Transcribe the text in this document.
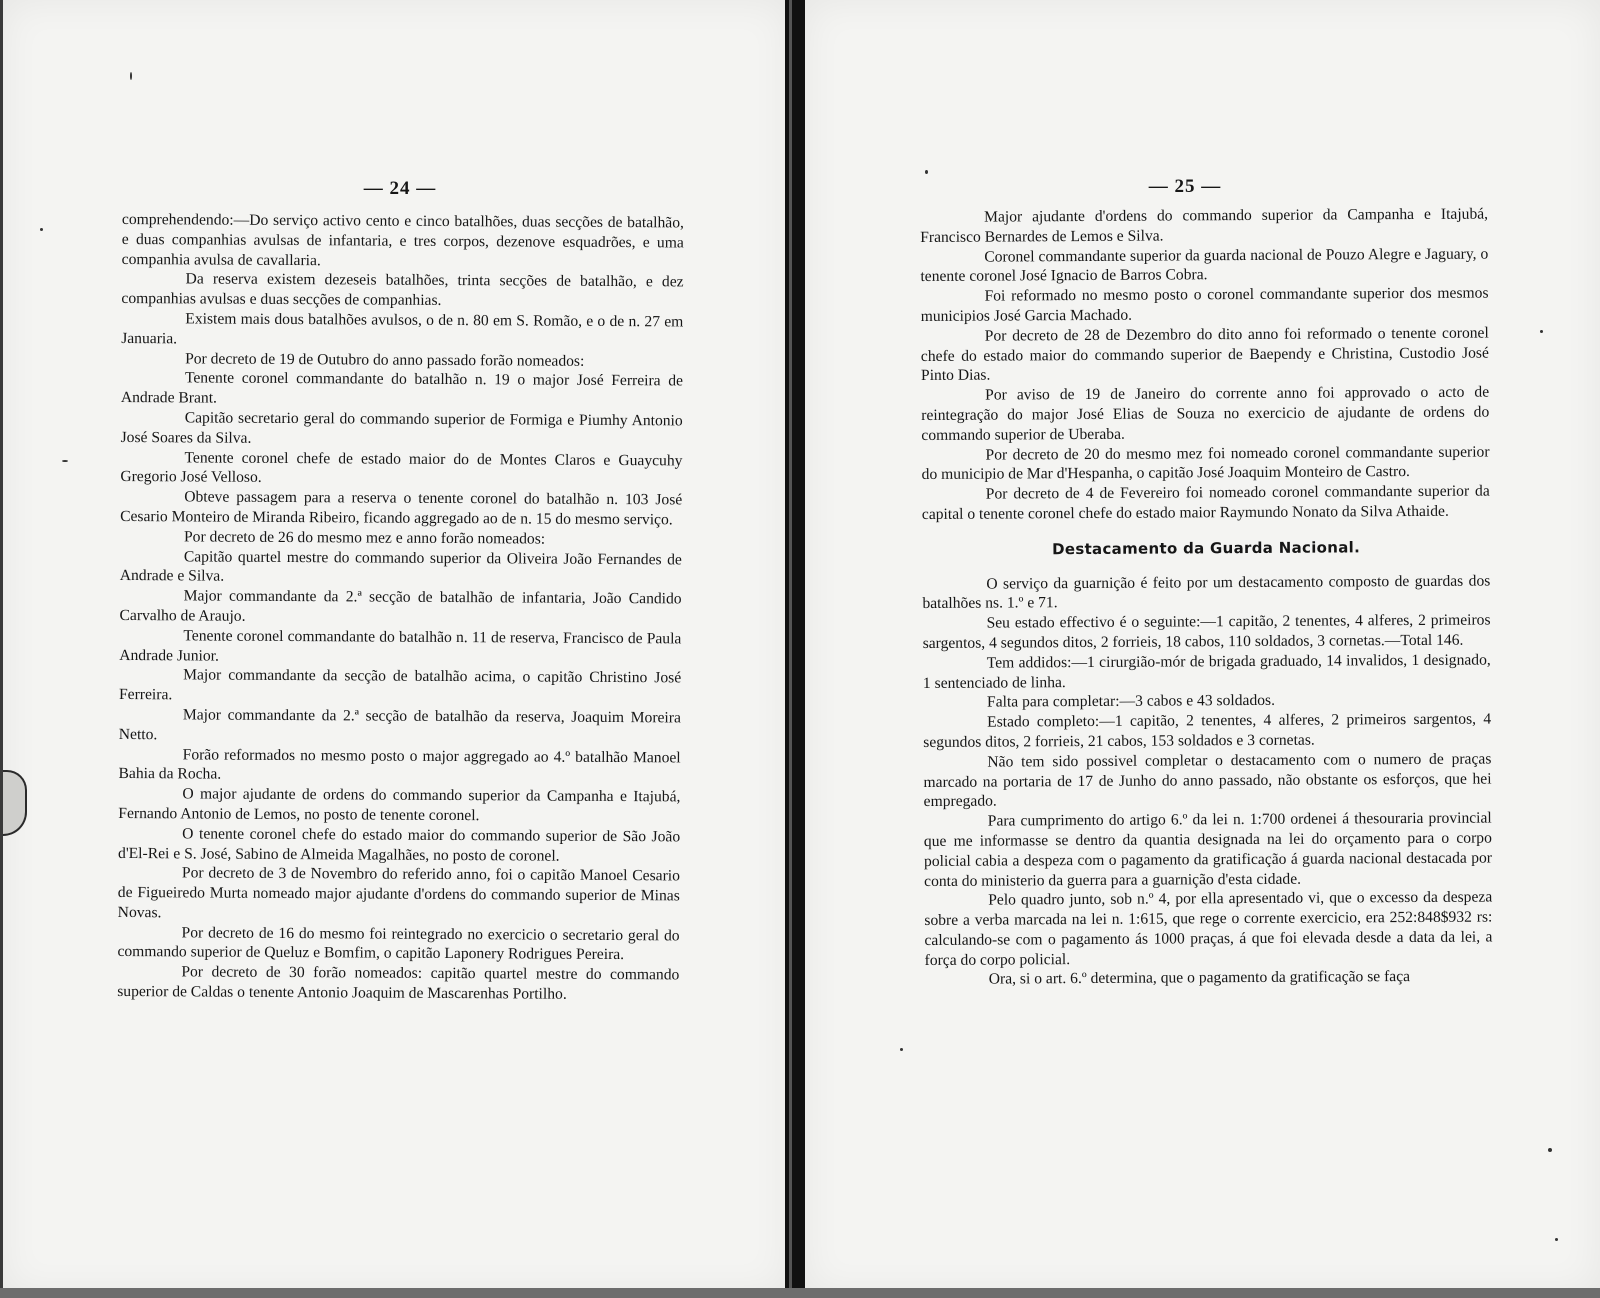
— 24 —	— 25 —

comprehendendo:—Do serviço activo cento e cinco batalhões, duas secções de batalhão, e duas companhias avulsas de infantaria, e tres corpos, dezenove esquadrões, e uma companhia avulsa de cavallaria.

Da reserva existem dezeseis batalhões, trinta secções de batalhão, e dez companhias avulsas e duas secções de companhias.

Existem mais dous batalhões avulsos, o de n. 80 em S. Romão, e o de n. 27 em Januaria.

Por decreto de 19 de Outubro do anno passado forão nomeados:

Tenente coronel commandante do batalhão n. 19 o major José Ferreira de Andrade Brant.

Capitão secretario geral do commando superior de Formiga e Piumhy Antonio José Soares da Silva.

Tenente coronel chefe de estado maior do de Montes Claros e Guaycuhy Gregorio José Velloso.

Obteve passagem para a reserva o tenente coronel do batalhão n. 103 José Cesario Monteiro de Miranda Ribeiro, ficando aggregado ao de n. 15 do mesmo serviço.

Por decreto de 26 do mesmo mez e anno forão nomeados:

Capitão quartel mestre do commando superior da Oliveira João Fernandes de Andrade e Silva.

Major commandante da 2.ª secção de batalhão de infantaria, João Candido Carvalho de Araujo.

Tenente coronel commandante do batalhão n. 11 de reserva, Francisco de Paula Andrade Junior.

Major commandante da secção de batalhão acima, o capitão Christino José Ferreira.

Major commandante da 2.ª secção de batalhão da reserva, Joaquim Moreira Netto.

Forão reformados no mesmo posto o major aggregado ao 4.º batalhão Manoel Bahia da Rocha.

O major ajudante de ordens do commando superior da Campanha e Itajubá, Fernando Antonio de Lemos, no posto de tenente coronel.

O tenente coronel chefe do estado maior do commando superior de São João d'El-Rei e S. José, Sabino de Almeida Magalhães, no posto de coronel.

Por decreto de 3 de Novembro do referido anno, foi o capitão Manoel Cesario de Figueiredo Murta nomeado major ajudante d'ordens do commando superior de Minas Novas.

Por decreto de 16 do mesmo foi reintegrado no exercicio o secretario geral do commando superior de Queluz e Bomfim, o capitão Laponery Rodrigues Pereira.

Por decreto de 30 forão nomeados: capitão quartel mestre do commando superior de Caldas o tenente Antonio Joaquim de Mascarenhas Portilho.

Major ajudante d'ordens do commando superior da Campanha e Itajubá, Francisco Bernardes de Lemos e Silva.

Coronel commandante superior da guarda nacional de Pouzo Alegre e Jaguary, o tenente coronel José Ignacio de Barros Cobra.

Foi reformado no mesmo posto o coronel commandante superior dos mesmos municipios José Garcia Machado.

Por decreto de 28 de Dezembro do dito anno foi reformado o tenente coronel chefe do estado maior do commando superior de Baependy e Christina, Custodio José Pinto Dias.

Por aviso de 19 de Janeiro do corrente anno foi approvado o acto de reintegração do major José Elias de Souza no exercicio de ajudante de ordens do commando superior de Uberaba.

Por decreto de 20 do mesmo mez foi nomeado coronel commandante superior do municipio de Mar d'Hespanha, o capitão José Joaquim Monteiro de Castro.

Por decreto de 4 de Fevereiro foi nomeado coronel commandante superior da capital o tenente coronel chefe do estado maior Raymundo Nonato da Silva Athaide.

Destacamento da Guarda Nacional.

O serviço da guarnição é feito por um destacamento composto de guardas dos batalhões ns. 1.º e 71.

Seu estado effectivo é o seguinte:—1 capitão, 2 tenentes, 4 alferes, 2 primeiros sargentos, 4 segundos ditos, 2 forrieis, 18 cabos, 110 soldados, 3 cornetas.—Total 146.

Tem addidos:—1 cirurgião-mór de brigada graduado, 14 invalidos, 1 designado, 1 sentenciado de linha.

Falta para completar:—3 cabos e 43 soldados.

Estado completo:—1 capitão, 2 tenentes, 4 alferes, 2 primeiros sargentos, 4 segundos ditos, 2 forrieis, 21 cabos, 153 soldados e 3 cornetas.

Não tem sido possivel completar o destacamento com o numero de praças marcado na portaria de 17 de Junho do anno passado, não obstante os esforços, que hei empregado.

Para cumprimento do artigo 6.º da lei n. 1:700 ordenei á thesouraria provincial que me informasse se dentro da quantia designada na lei do orçamento para o corpo policial cabia a despeza com o pagamento da gratificação á guarda nacional destacada por conta do ministerio da guerra para a guarnição d'esta cidade.

Pelo quadro junto, sob n.º 4, por ella apresentado vi, que o excesso da despeza sobre a verba marcada na lei n. 1:615, que rege o corrente exercicio, era 252:848$932 rs: calculando-se com o pagamento ás 1000 praças, á que foi elevada desde a data da lei, a força do corpo policial.

Ora, si o art. 6.º determina, que o pagamento da gratificação se faça
